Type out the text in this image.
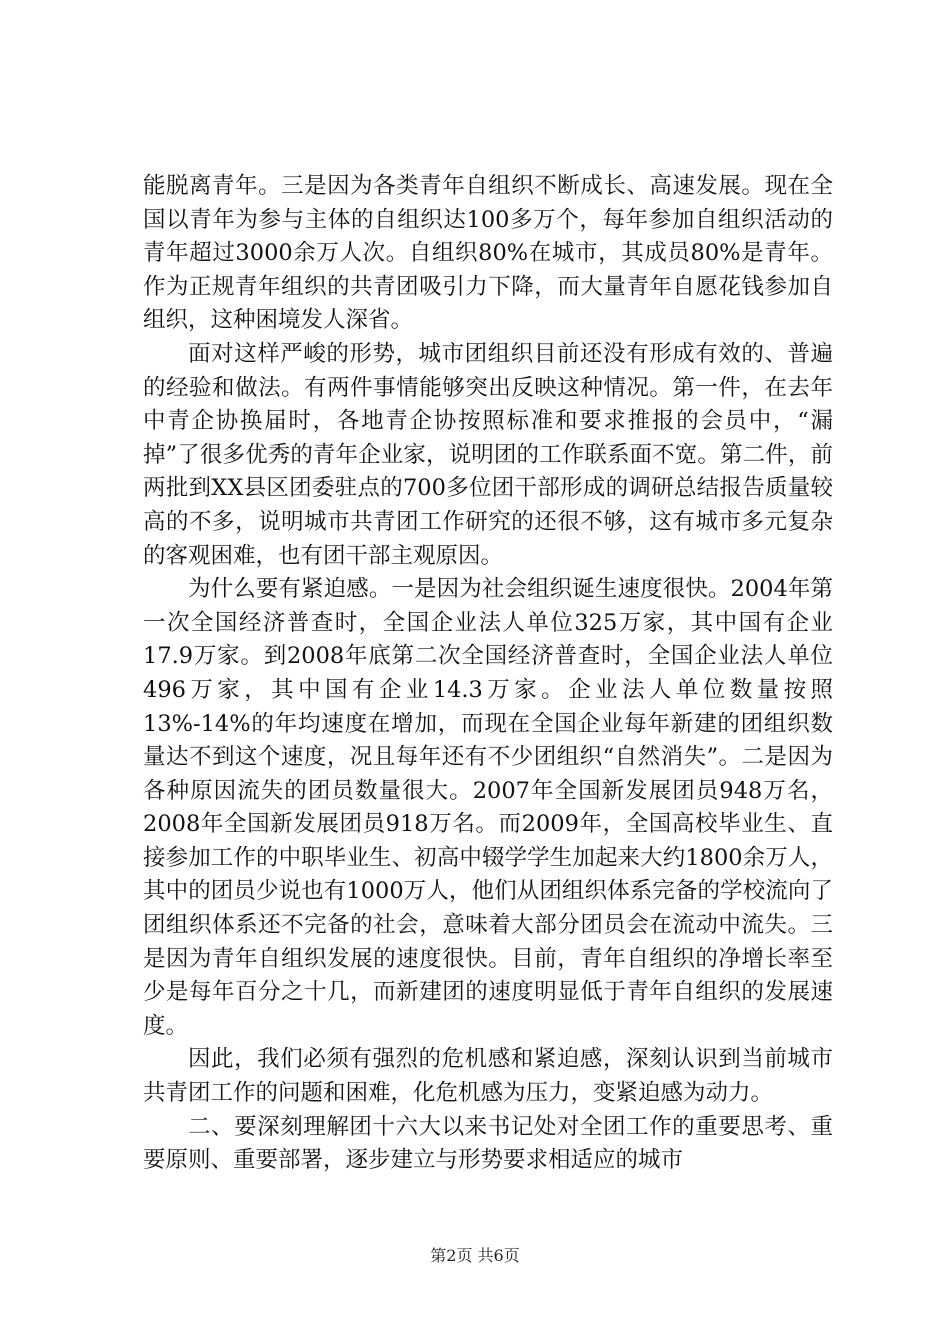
能脱离青年。三是因为各类青年自组织不断成长、高速发展。现在全国以青年为参与主体的自组织达100多万个，每年参加自组织活动的青年超过3000余万人次。自组织80%在城市，其成员80%是青年。作为正规青年组织的共青团吸引力下降，而大量青年自愿花钱参加自组织，这种困境发人深省。

面对这样严峻的形势，城市团组织目前还没有形成有效的、普遍的经验和做法。有两件事情能够突出反映这种情况。第一件，在去年中青企协换届时，各地青企协按照标准和要求推报的会员中，“漏掉”了很多优秀的青年企业家，说明团的工作联系面不宽。第二件，前两批到XX县区团委驻点的700多位团干部形成的调研总结报告质量较高的不多，说明城市共青团工作研究的还很不够，这有城市多元复杂的客观困难，也有团干部主观原因。

为什么要有紧迫感。一是因为社会组织诞生速度很快。2004年第一次全国经济普查时，全国企业法人单位325万家，其中国有企业17.9万家。到2008年底第二次全国经济普查时，全国企业法人单位496万家，其中国有企业14.3万家。企业法人单位数量按照13%-14%的年均速度在增加，而现在全国企业每年新建的团组织数量达不到这个速度，况且每年还有不少团组织“自然消失”。二是因为各种原因流失的团员数量很大。2007年全国新发展团员948万名，2008年全国新发展团员918万名。而2009年，全国高校毕业生、直接参加工作的中职毕业生、初高中辍学学生加起来大约1800余万人，其中的团员少说也有1000万人，他们从团组织体系完备的学校流向了团组织体系还不完备的社会，意味着大部分团员会在流动中流失。三是因为青年自组织发展的速度很快。目前，青年自组织的净增长率至少是每年百分之十几，而新建团的速度明显低于青年自组织的发展速度。

因此，我们必须有强烈的危机感和紧迫感，深刻认识到当前城市共青团工作的问题和困难，化危机感为压力，变紧迫感为动力。

二、要深刻理解团十六大以来书记处对全团工作的重要思考、重要原则、重要部署，逐步建立与形势要求相适应的城市

第2页 共6页
